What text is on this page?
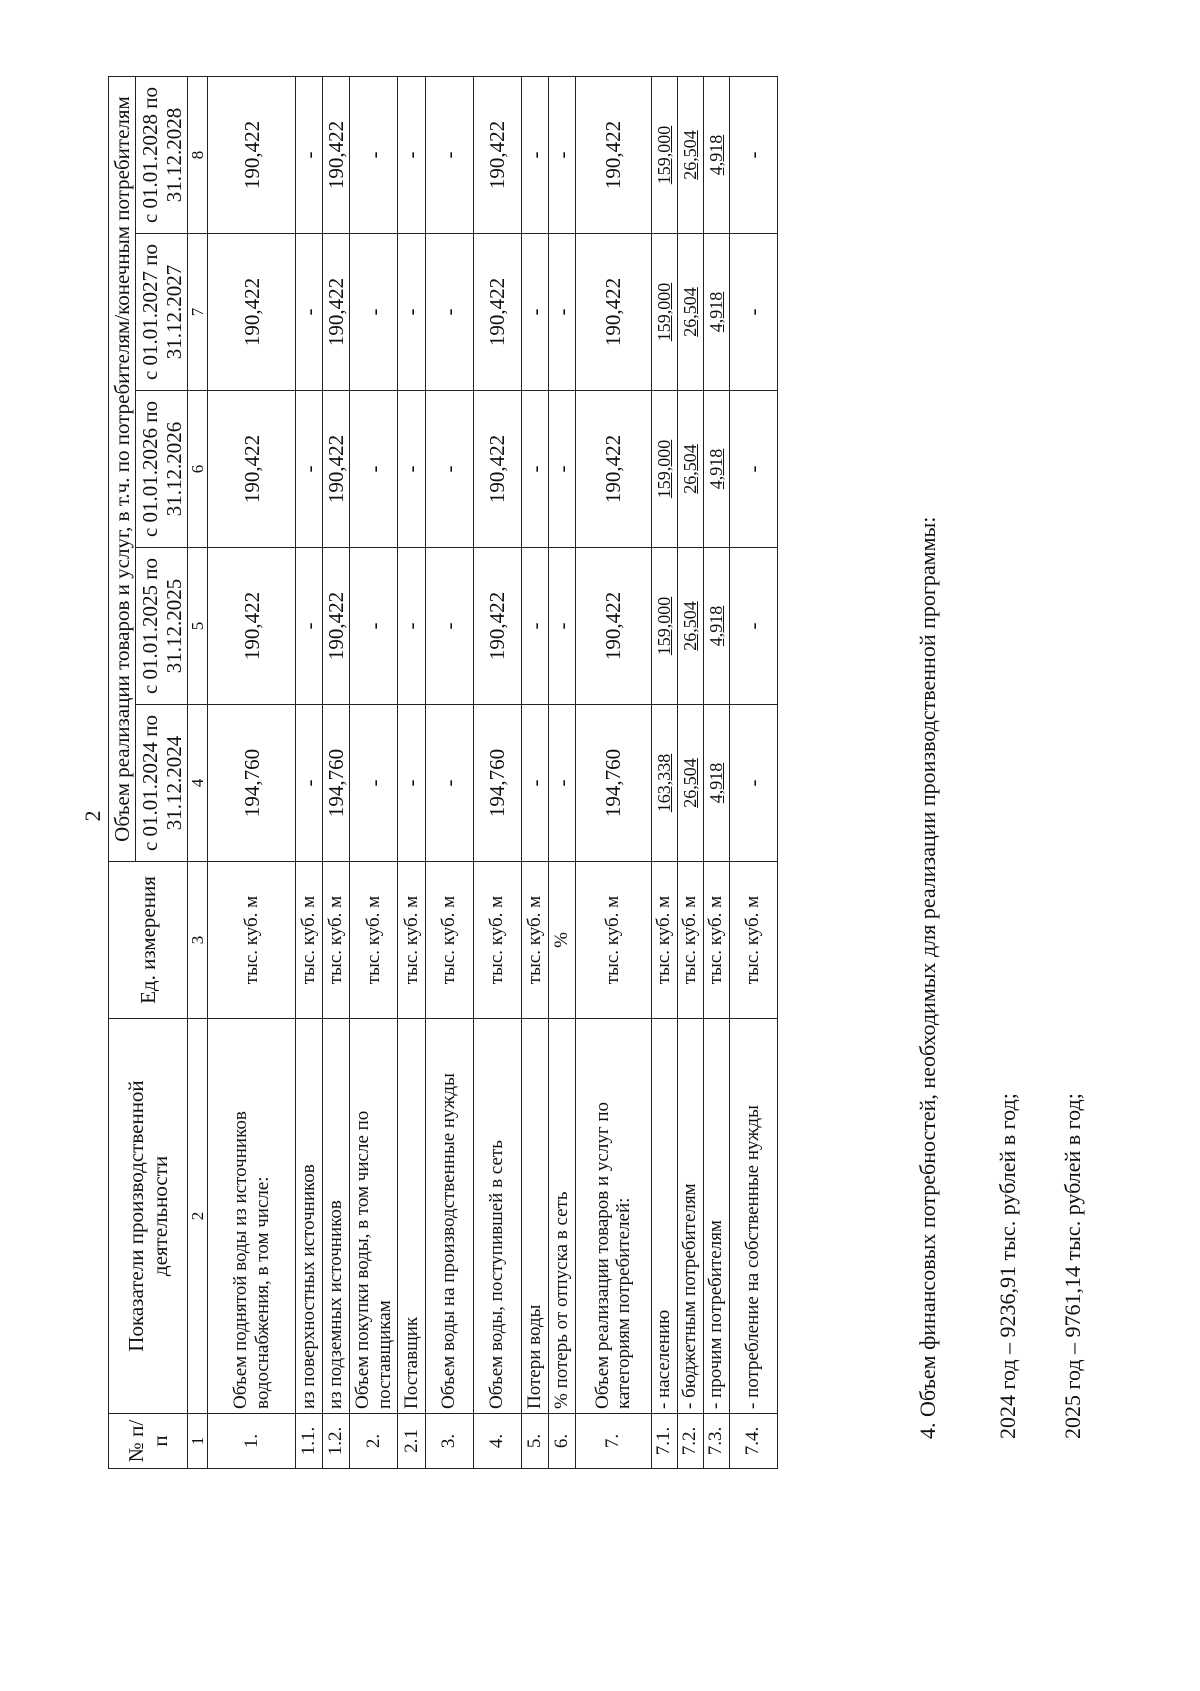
2
№ п/п	Показатели производственной деятельности	Ед. измерения	Объем реализации товаров и услуг, в т.ч. по потребителям/конечным потребителям				
			с 01.01.2024 по 31.12.2024	с 01.01.2025 по 31.12.2025	с 01.01.2026 по 31.12.2026	с 01.01.2027 по 31.12.2027	с 01.01.2028 по 31.12.2028
1	2	3	4	5	6	7	8
1.	Объем поднятой воды из источников водоснабжения, в том числе:	тыс. куб. м	194,760	190,422	190,422	190,422	190,422
1.1.	из поверхностных источников	тыс. куб. м	-	-	-	-	-
1.2.	из подземных источников	тыс. куб. м	194,760	190,422	190,422	190,422	190,422
2.	Объем покупки воды, в том числе по поставщикам	тыс. куб. м	-	-	-	-	-
2.1	Поставщик	тыс. куб. м	-	-	-	-	-
3.	Объем воды на производственные нужды	тыс. куб. м	-	-	-	-	-
4.	Объем воды, поступившей в сеть	тыс. куб. м	194,760	190,422	190,422	190,422	190,422
5.	Потери воды	тыс. куб. м	-	-	-	-	-
6.	% потерь от отпуска в сеть	%	-	-	-	-	-
7.	Объем реализации товаров и услуг по категориям потребителей:	тыс. куб. м	194,760	190,422	190,422	190,422	190,422
7.1.	- населению	тыс. куб. м	163,338	159,000	159,000	159,000	159,000
7.2.	- бюджетным потребителям	тыс. куб. м	26,504	26,504	26,504	26,504	26,504
7.3.	- прочим потребителям	тыс. куб. м	4,918	4,918	4,918	4,918	4,918
7.4.	- потребление на собственные нужды	тыс. куб. м	-	-	-	-	-
4. Объем финансовых потребностей, необходимых для реализации производственной программы:	2024 год – 9236,91 тыс. рублей в год; 2025 год – 9761,14 тыс. рублей в год;
